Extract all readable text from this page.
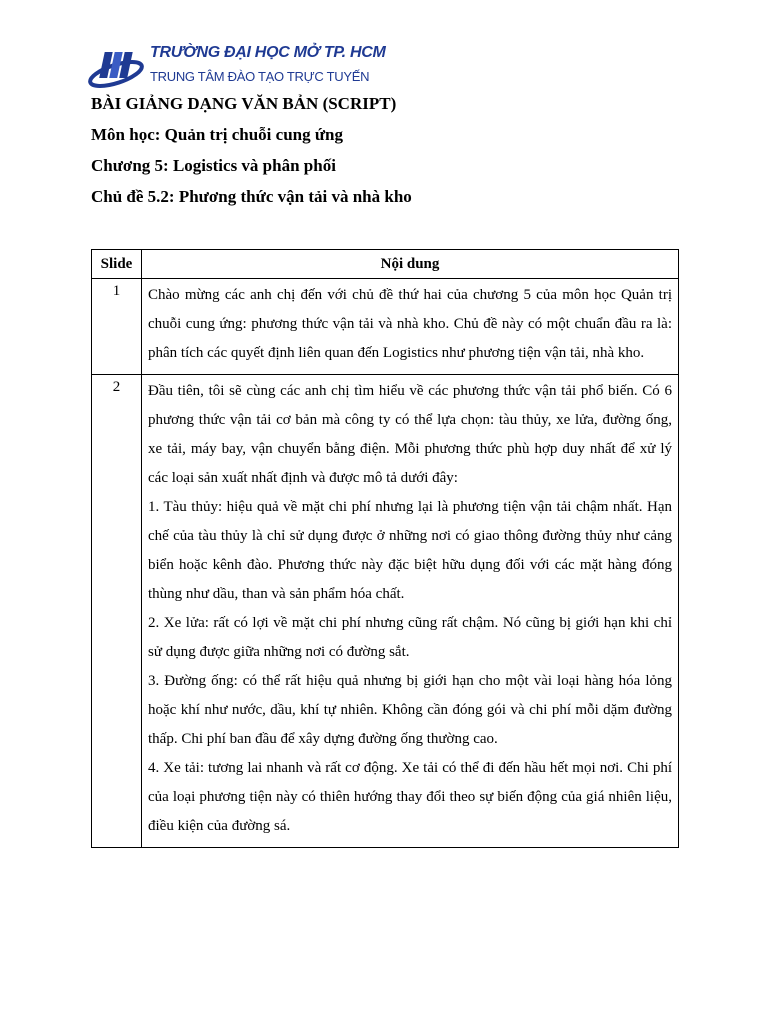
TRƯỜNG ĐẠI HỌC MỞ TP. HCM
TRUNG TÂM ĐÀO TẠO TRỰC TUYẾN
BÀI GIẢNG DẠNG VĂN BẢN (SCRIPT)
Môn học: Quản trị chuỗi cung ứng
Chương 5: Logistics và phân phối
Chủ đề 5.2: Phương thức vận tải và nhà kho
Slide	Nội dung
1	Chào mừng các anh chị đến với chủ đề thứ hai của chương 5 của môn học Quản trị chuỗi cung ứng: phương thức vận tải và nhà kho. Chủ đề này có một chuẩn đầu ra là: phân tích các quyết định liên quan đến Logistics như phương tiện vận tải, nhà kho.

2	Đầu tiên, tôi sẽ cùng các anh chị tìm hiểu về các phương thức vận tải phổ biến. Có 6 phương thức vận tải cơ bản mà công ty có thể lựa chọn: tàu thủy, xe lửa, đường ống, xe tải, máy bay, vận chuyển bằng điện. Mỗi phương thức phù hợp duy nhất để xử lý các loại sản xuất nhất định và được mô tả dưới đây:

1. Tàu thủy: hiệu quả về mặt chi phí nhưng lại là phương tiện vận tải chậm nhất. Hạn chế của tàu thủy là chỉ sử dụng được ở những nơi có giao thông đường thủy như cảng biển hoặc kênh đào. Phương thức này đặc biệt hữu dụng đối với các mặt hàng đóng thùng như dầu, than và sản phẩm hóa chất.

2. Xe lửa: rất có lợi về mặt chi phí nhưng cũng rất chậm. Nó cũng bị giới hạn khi chỉ sử dụng được giữa những nơi có đường sắt.

3. Đường ống: có thể rất hiệu quả nhưng bị giới hạn cho một vài loại hàng hóa lỏng hoặc khí như nước, dầu, khí tự nhiên. Không cần đóng gói và chi phí mỗi dặm đường thấp. Chi phí ban đầu để xây dựng đường ống thường cao.

4. Xe tải: tương lai nhanh và rất cơ động. Xe tải có thể đi đến hầu hết mọi nơi. Chi phí của loại phương tiện này có thiên hướng thay đổi theo sự biến động của giá nhiên liệu, điều kiện của đường sá.
